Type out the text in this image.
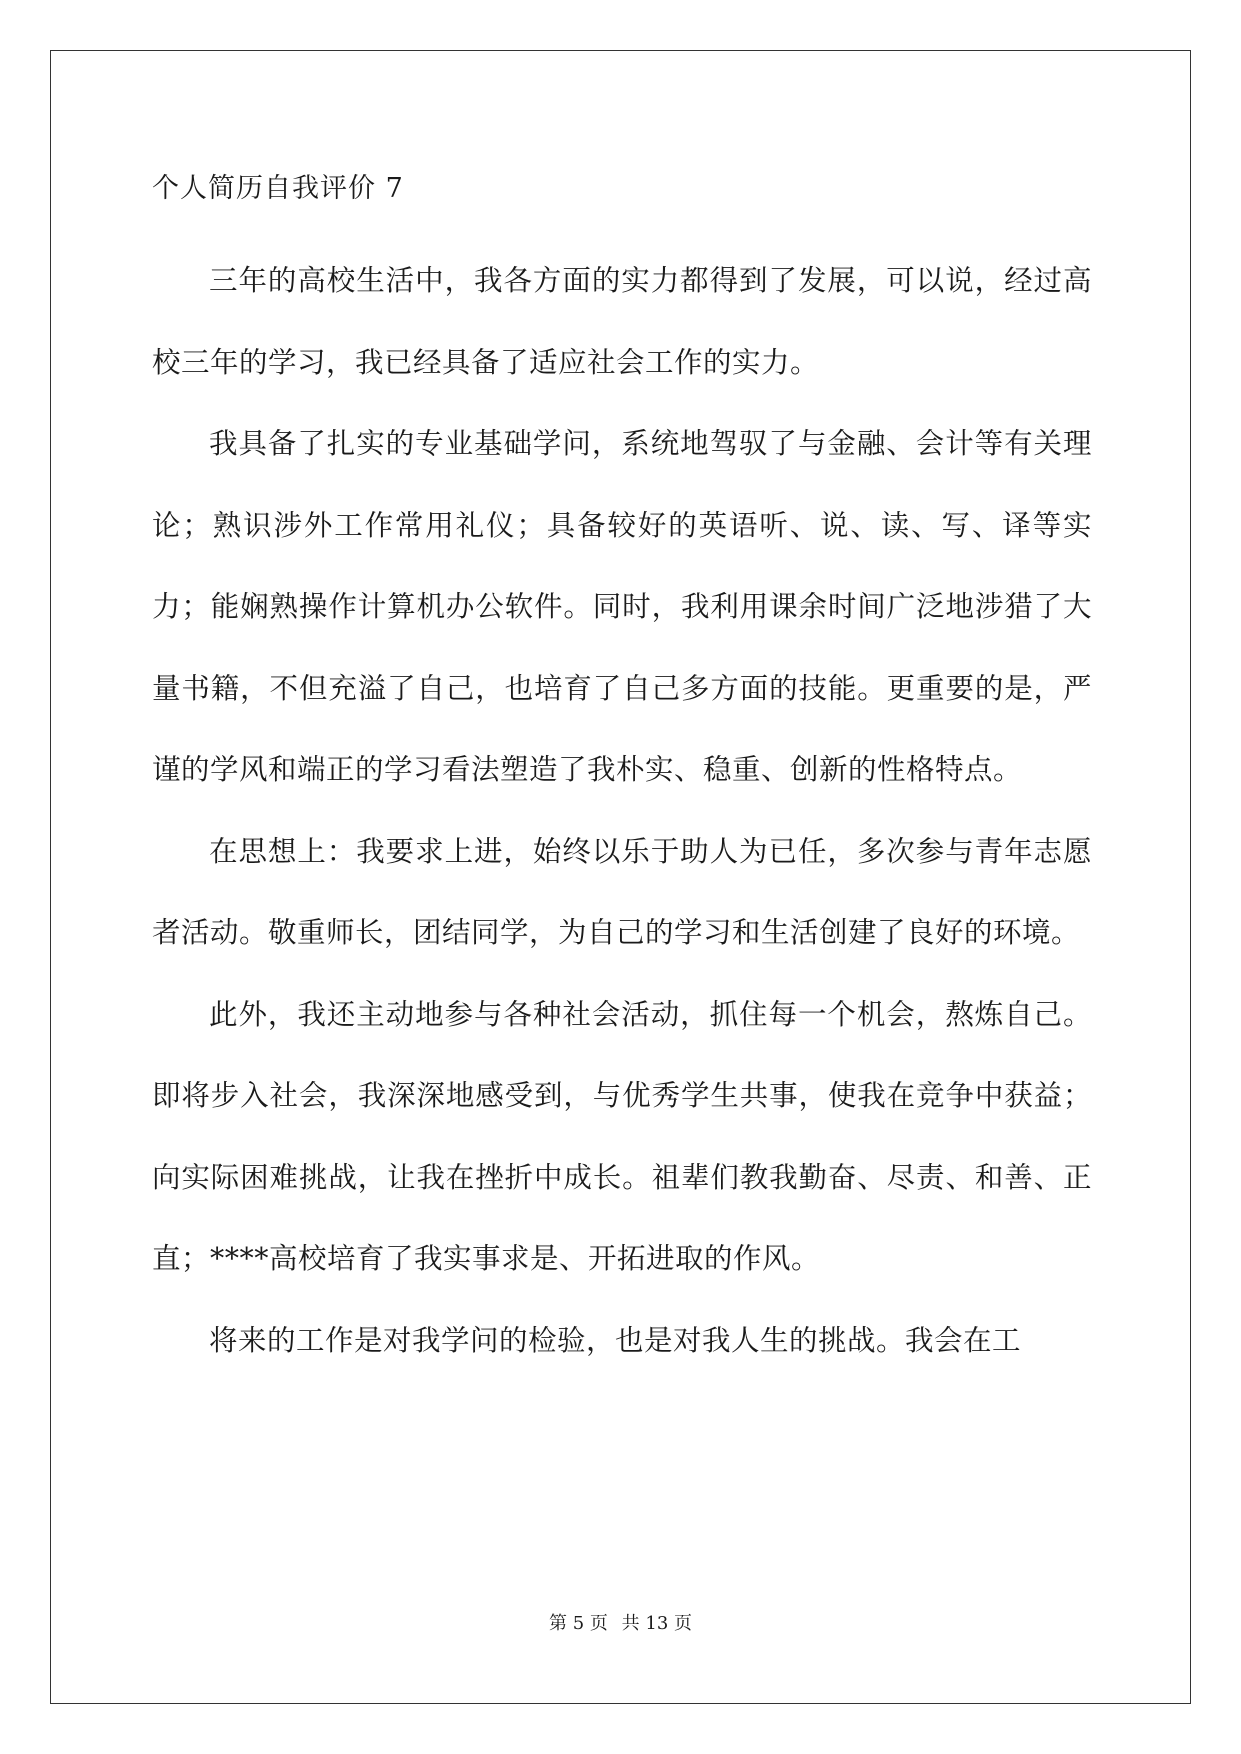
个人简历自我评价 7

三年的高校生活中，我各方面的实力都得到了发展，可以说，经过高校三年的学习，我已经具备了适应社会工作的实力。

我具备了扎实的专业基础学问，系统地驾驭了与金融、会计等有关理论；熟识涉外工作常用礼仪；具备较好的英语听、说、读、写、译等实力；能娴熟操作计算机办公软件。同时，我利用课余时间广泛地涉猎了大量书籍，不但充溢了自己，也培育了自己多方面的技能。更重要的是，严谨的学风和端正的学习看法塑造了我朴实、稳重、创新的性格特点。

在思想上：我要求上进，始终以乐于助人为已任，多次参与青年志愿者活动。敬重师长，团结同学，为自己的学习和生活创建了良好的环境。

此外，我还主动地参与各种社会活动，抓住每一个机会，熬炼自己。即将步入社会，我深深地感受到，与优秀学生共事，使我在竞争中获益；向实际困难挑战，让我在挫折中成长。祖辈们教我勤奋、尽责、和善、正直；****高校培育了我实事求是、开拓进取的作风。

将来的工作是对我学问的检验，也是对我人生的挑战。我会在工

第 5 页 共 13 页
